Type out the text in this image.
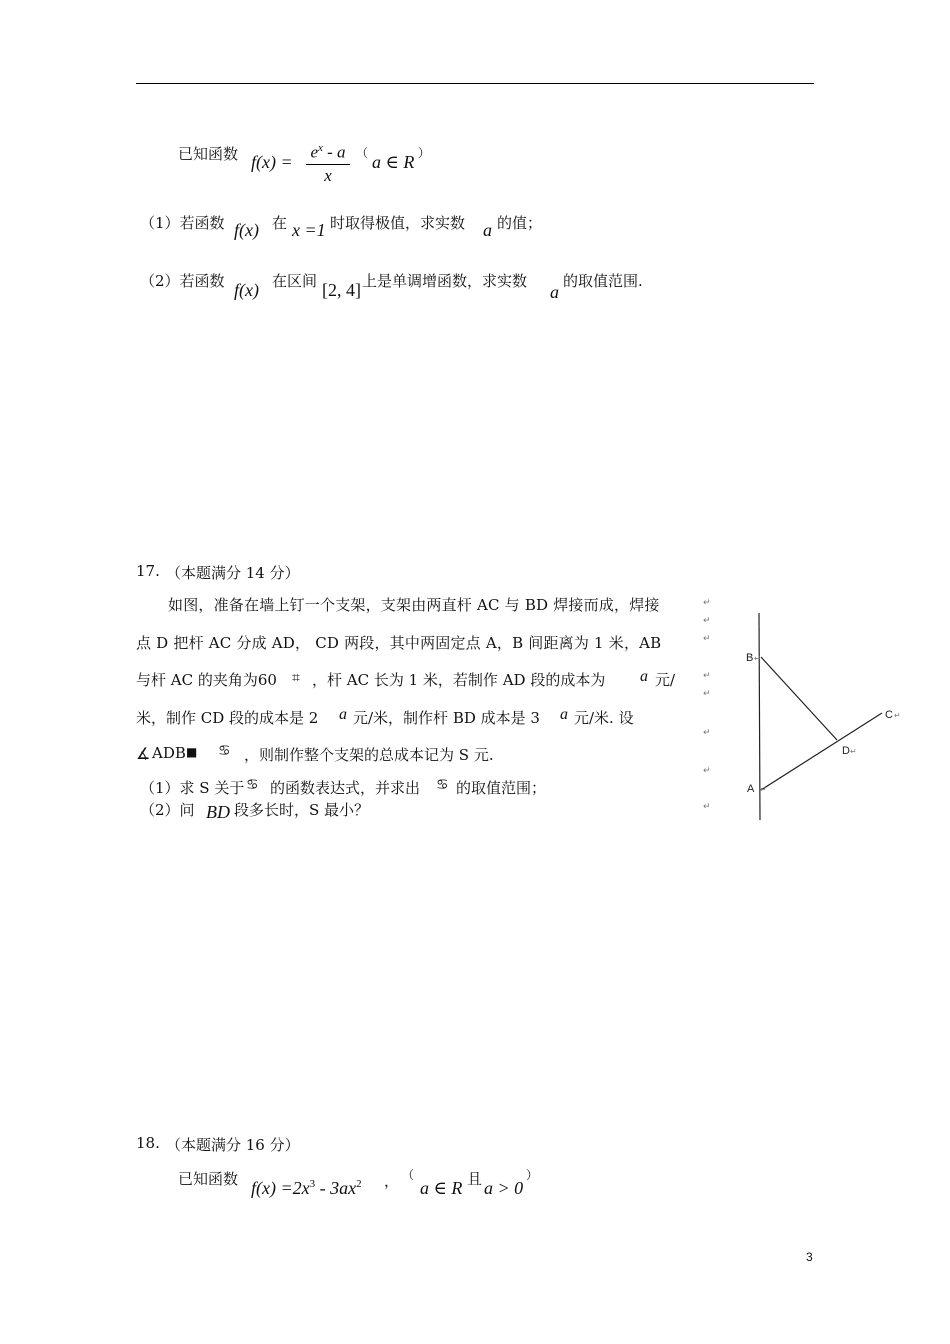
已知函数 $f(x) = e^x - a$
x
（ a ∈ R ）
（1）若函数 f(x) 在 x =1 时取得极值，求实数 a 的值；
（2）若函数 f(x) 在区间 [2, 4] 上是单调增函数，求实数
a
的取值范围.
17. （本题满分 14 分）
如图，准备在墙上钉一个支架，支架由两直杆 AC 与 BD 焊接而成，焊接
点 D 把杆 AC 分成 AD， CD 两段，其中两固定点 A，B 间距离为 1 米，AB
与杆 AC 的夹角为60 ⌗ ，杆 AC 长为 1 米，若制作 AD 段的成本为 a 元/
米，制作 CD 段的成本是 2 a 元/米，制作杆 BD 成本是 3 a 元/米. 设
∡ ADB ■ ♋ ，则制作整个支架的总成本记为 S 元.
（1）求 S 关于 ♋ 的函数表达式，并求出 ♋ 的取值范围；
（2）问 BD 段多长时，S 最小？
↵
↵
↵
↵
↵
↵
↵
↵
B ↵
C ↵
D ↵
A ↵
18. （本题满分 16 分）
已知函数 $f(x) =2x^3 - 3ax^2$ ， （
a ∈ R 且 a > 0
）
3
